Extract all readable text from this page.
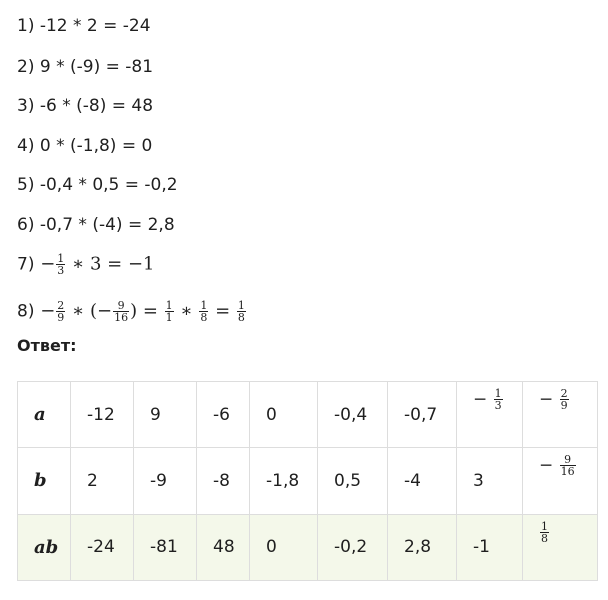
1) -12 * 2 = -24
2) 9 * (-9) = -81
3) -6 * (-8) = 48
4) 0 * (-1,8) = 0
5) -0,4 * 0,5 = -0,2
6) -0,7 * (-4) = 2,8
$7) - \frac{1}{3}$ ∗ 3 = −1
$8) - \frac{2}{9}$ ∗ (− $\frac{9}{16}$ ) = $\frac{1}{1}$ ∗ $\frac{1}{8} = \frac{1}{8}$
Ответ:
a	-12	9	-6	0	-0,4	-0,7	− $\frac{1}{3}$	− $\frac{2}{9}$

b	2	-9	-8	-1,8	0,5	-4	3	− $\frac{9}{16}$

ab	-24	-81	48	0	-0,2	2,8	-1	$\frac{1}{8}$
